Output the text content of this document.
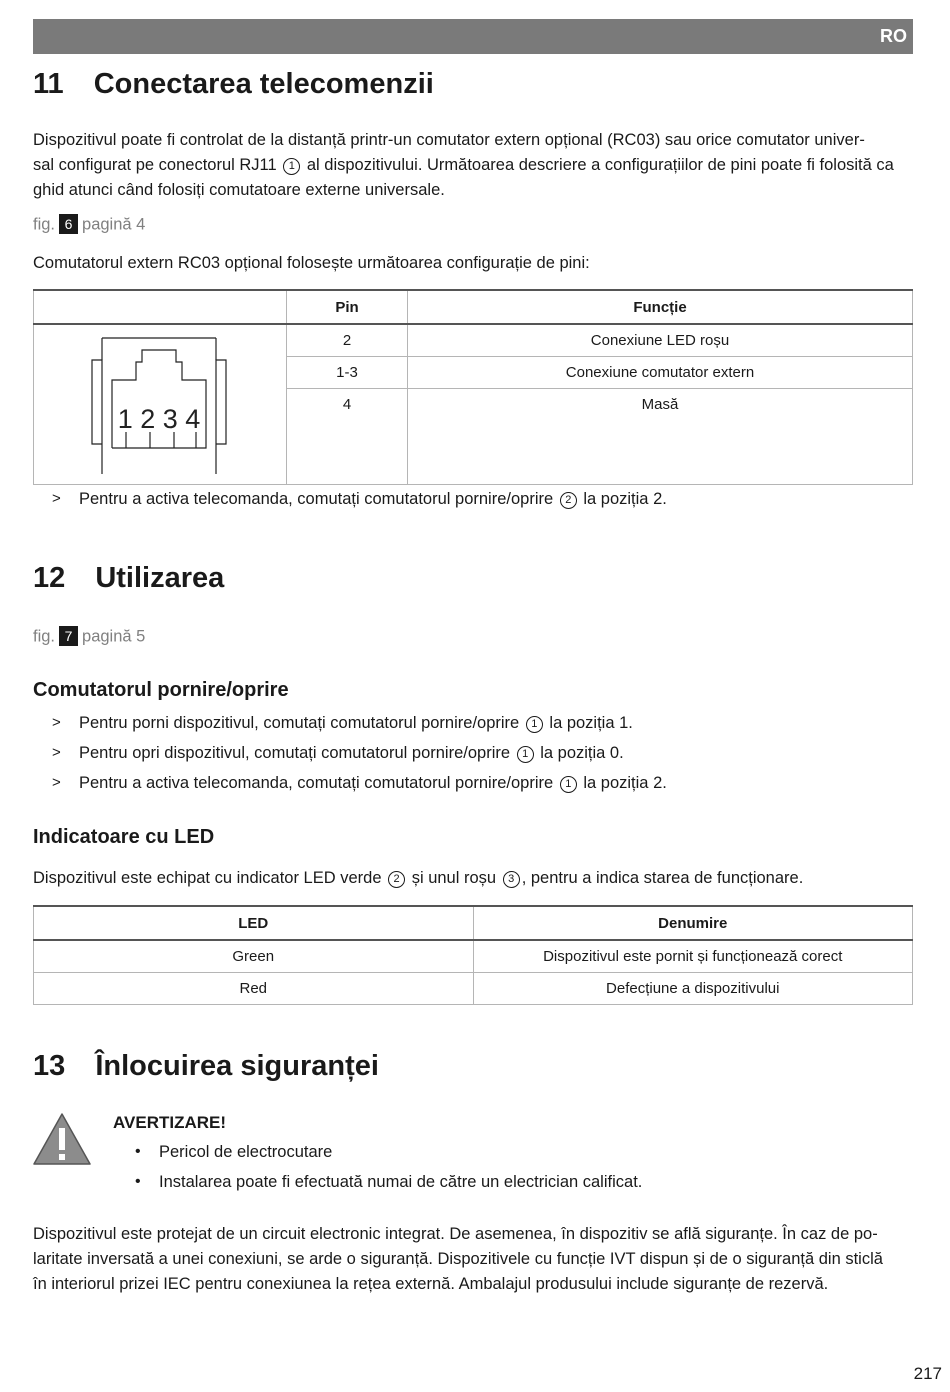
RO
11 Conectarea telecomenzii
Dispozitivul poate fi controlat de la distanță printr-un comutator extern opțional (RC03) sau orice comutator univer-
sal configurat pe conectorul RJ11 1 al dispozitivului. Următoarea descriere a configurațiilor de pini poate fi folosită ca
ghid atunci când folosiți comutatoare externe universale.
fig. 6 pagină 4
Comutatorul extern RC03 opțional folosește următoarea configurație de pini:
	Pin	Funcție

1 2 3 4	2	Conexiune LED roșu
	1-3	Conexiune comutator extern
	4	Masă
> Pentru a activa telecomanda, comutați comutatorul pornire/oprire 2 la poziția 2.
12 Utilizarea
fig. 7 pagină 5
Comutatorul pornire/oprire
> Pentru porni dispozitivul, comutați comutatorul pornire/oprire 1 la poziția 1.
> Pentru opri dispozitivul, comutați comutatorul pornire/oprire 1 la poziția 0.
> Pentru a activa telecomanda, comutați comutatorul pornire/oprire 1 la poziția 2.
Indicatoare cu LED
Dispozitivul este echipat cu indicator LED verde 2 și unul roșu 3 , pentru a indica starea de funcționare.
LED	Denumire
Green	Dispozitivul este pornit și funcționează corect
Red	Defecțiune a dispozitivului
13 Înlocuirea siguranței
AVERTIZARE!
• Pericol de electrocutare
• Instalarea poate fi efectuată numai de către un electrician calificat.
Dispozitivul este protejat de un circuit electronic integrat. De asemenea, în dispozitiv se află siguranțe. În caz de po-
laritate inversată a unei conexiuni, se arde o siguranță. Dispozitivele cu funcție IVT dispun și de o siguranță din sticlă
în interiorul prizei IEC pentru conexiunea la rețea externă. Ambalajul produsului include siguranțe de rezervă.
217
